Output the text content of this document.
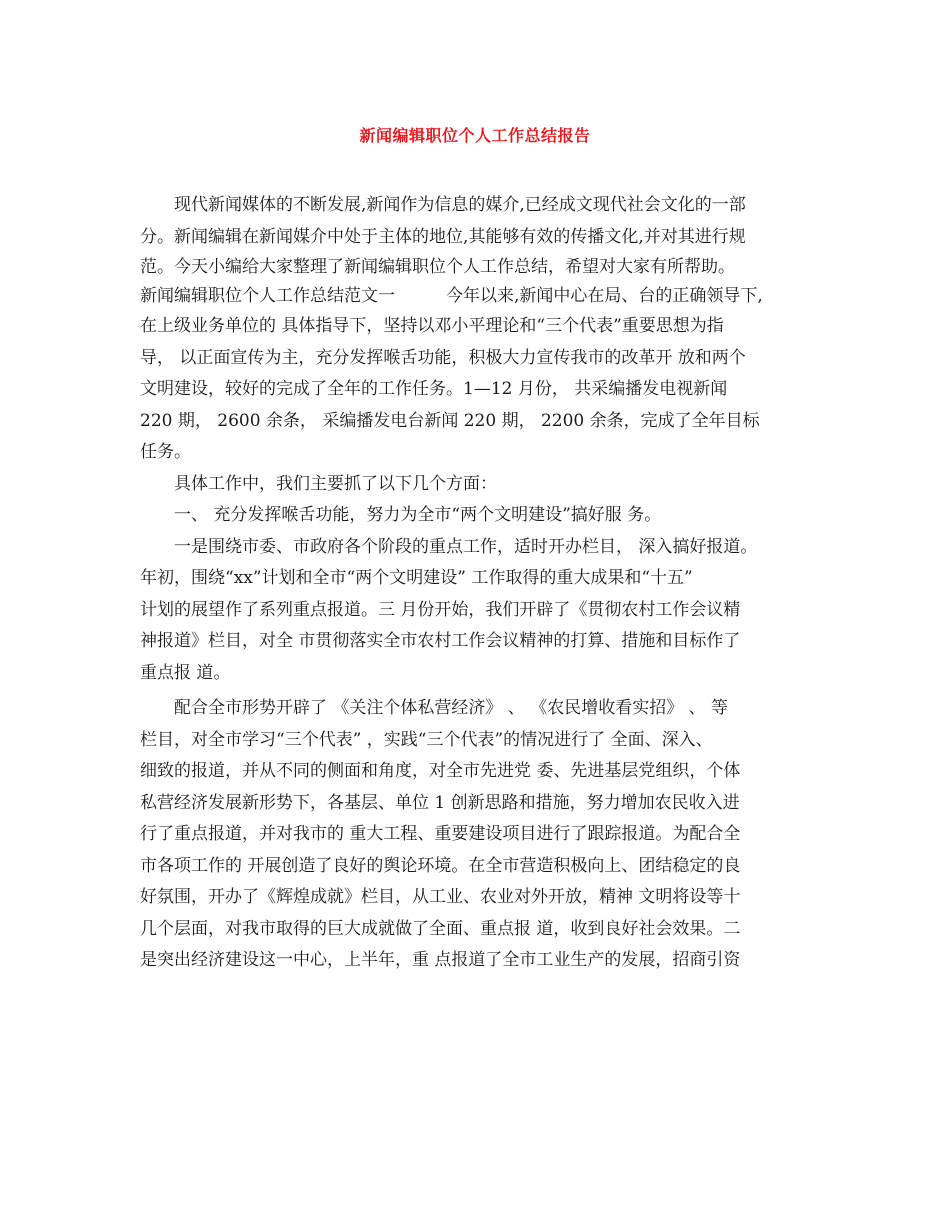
新闻编辑职位个人工作总结报告
现代新闻媒体的不断发展,新闻作为信息的媒介,已经成文现代社会文化的一部
分。新闻编辑在新闻媒介中处于主体的地位,其能够有效的传播文化,并对其进行规
范。今天小编给大家整理了新闻编辑职位个人工作总结，希望对大家有所帮助。
新闻编辑职位个人工作总结范文一　　　今年以来,新闻中心在局、台的正确领导下,
在上级业务单位的 具体指导下，坚持以邓小平理论和“三个代表”重要思想为指
导， 以正面宣传为主，充分发挥喉舌功能，积极大力宣传我市的改革开 放和两个
文明建设，较好的完成了全年的工作任务。1—12 月份， 共采编播发电视新闻
220 期， 2600 余条， 采编播发电台新闻 220 期， 2200 余条，完成了全年目标
任务。
具体工作中，我们主要抓了以下几个方面：
一、 充分发挥喉舌功能，努力为全市“两个文明建设”搞好服 务。
一是围绕市委、市政府各个阶段的重点工作，适时开办栏目， 深入搞好报道。
年初，围绕“xx”计划和全市“两个文明建设” 工作取得的重大成果和“十五”
计划的展望作了系列重点报道。三 月份开始，我们开辟了《贯彻农村工作会议精
神报道》栏目，对全 市贯彻落实全市农村工作会议精神的打算、措施和目标作了
重点报 道。
配合全市形势开辟了 《关注个体私营经济》 、 《农民增收看实招》 、 等
栏目，对全市学习“三个代表” ，实践“三个代表”的情况进行了 全面、深入、
细致的报道，并从不同的侧面和角度，对全市先进党 委、先进基层党组织，个体
私营经济发展新形势下，各基层、单位 1 创新思路和措施，努力增加农民收入进
行了重点报道，并对我市的 重大工程、重要建设项目进行了跟踪报道。为配合全
市各项工作的 开展创造了良好的舆论环境。在全市营造积极向上、团结稳定的良
好氛围，开办了《辉煌成就》栏目，从工业、农业对外开放，精神 文明将设等十
几个层面，对我市取得的巨大成就做了全面、重点报 道，收到良好社会效果。二
是突出经济建设这一中心，上半年，重 点报道了全市工业生产的发展，招商引资
